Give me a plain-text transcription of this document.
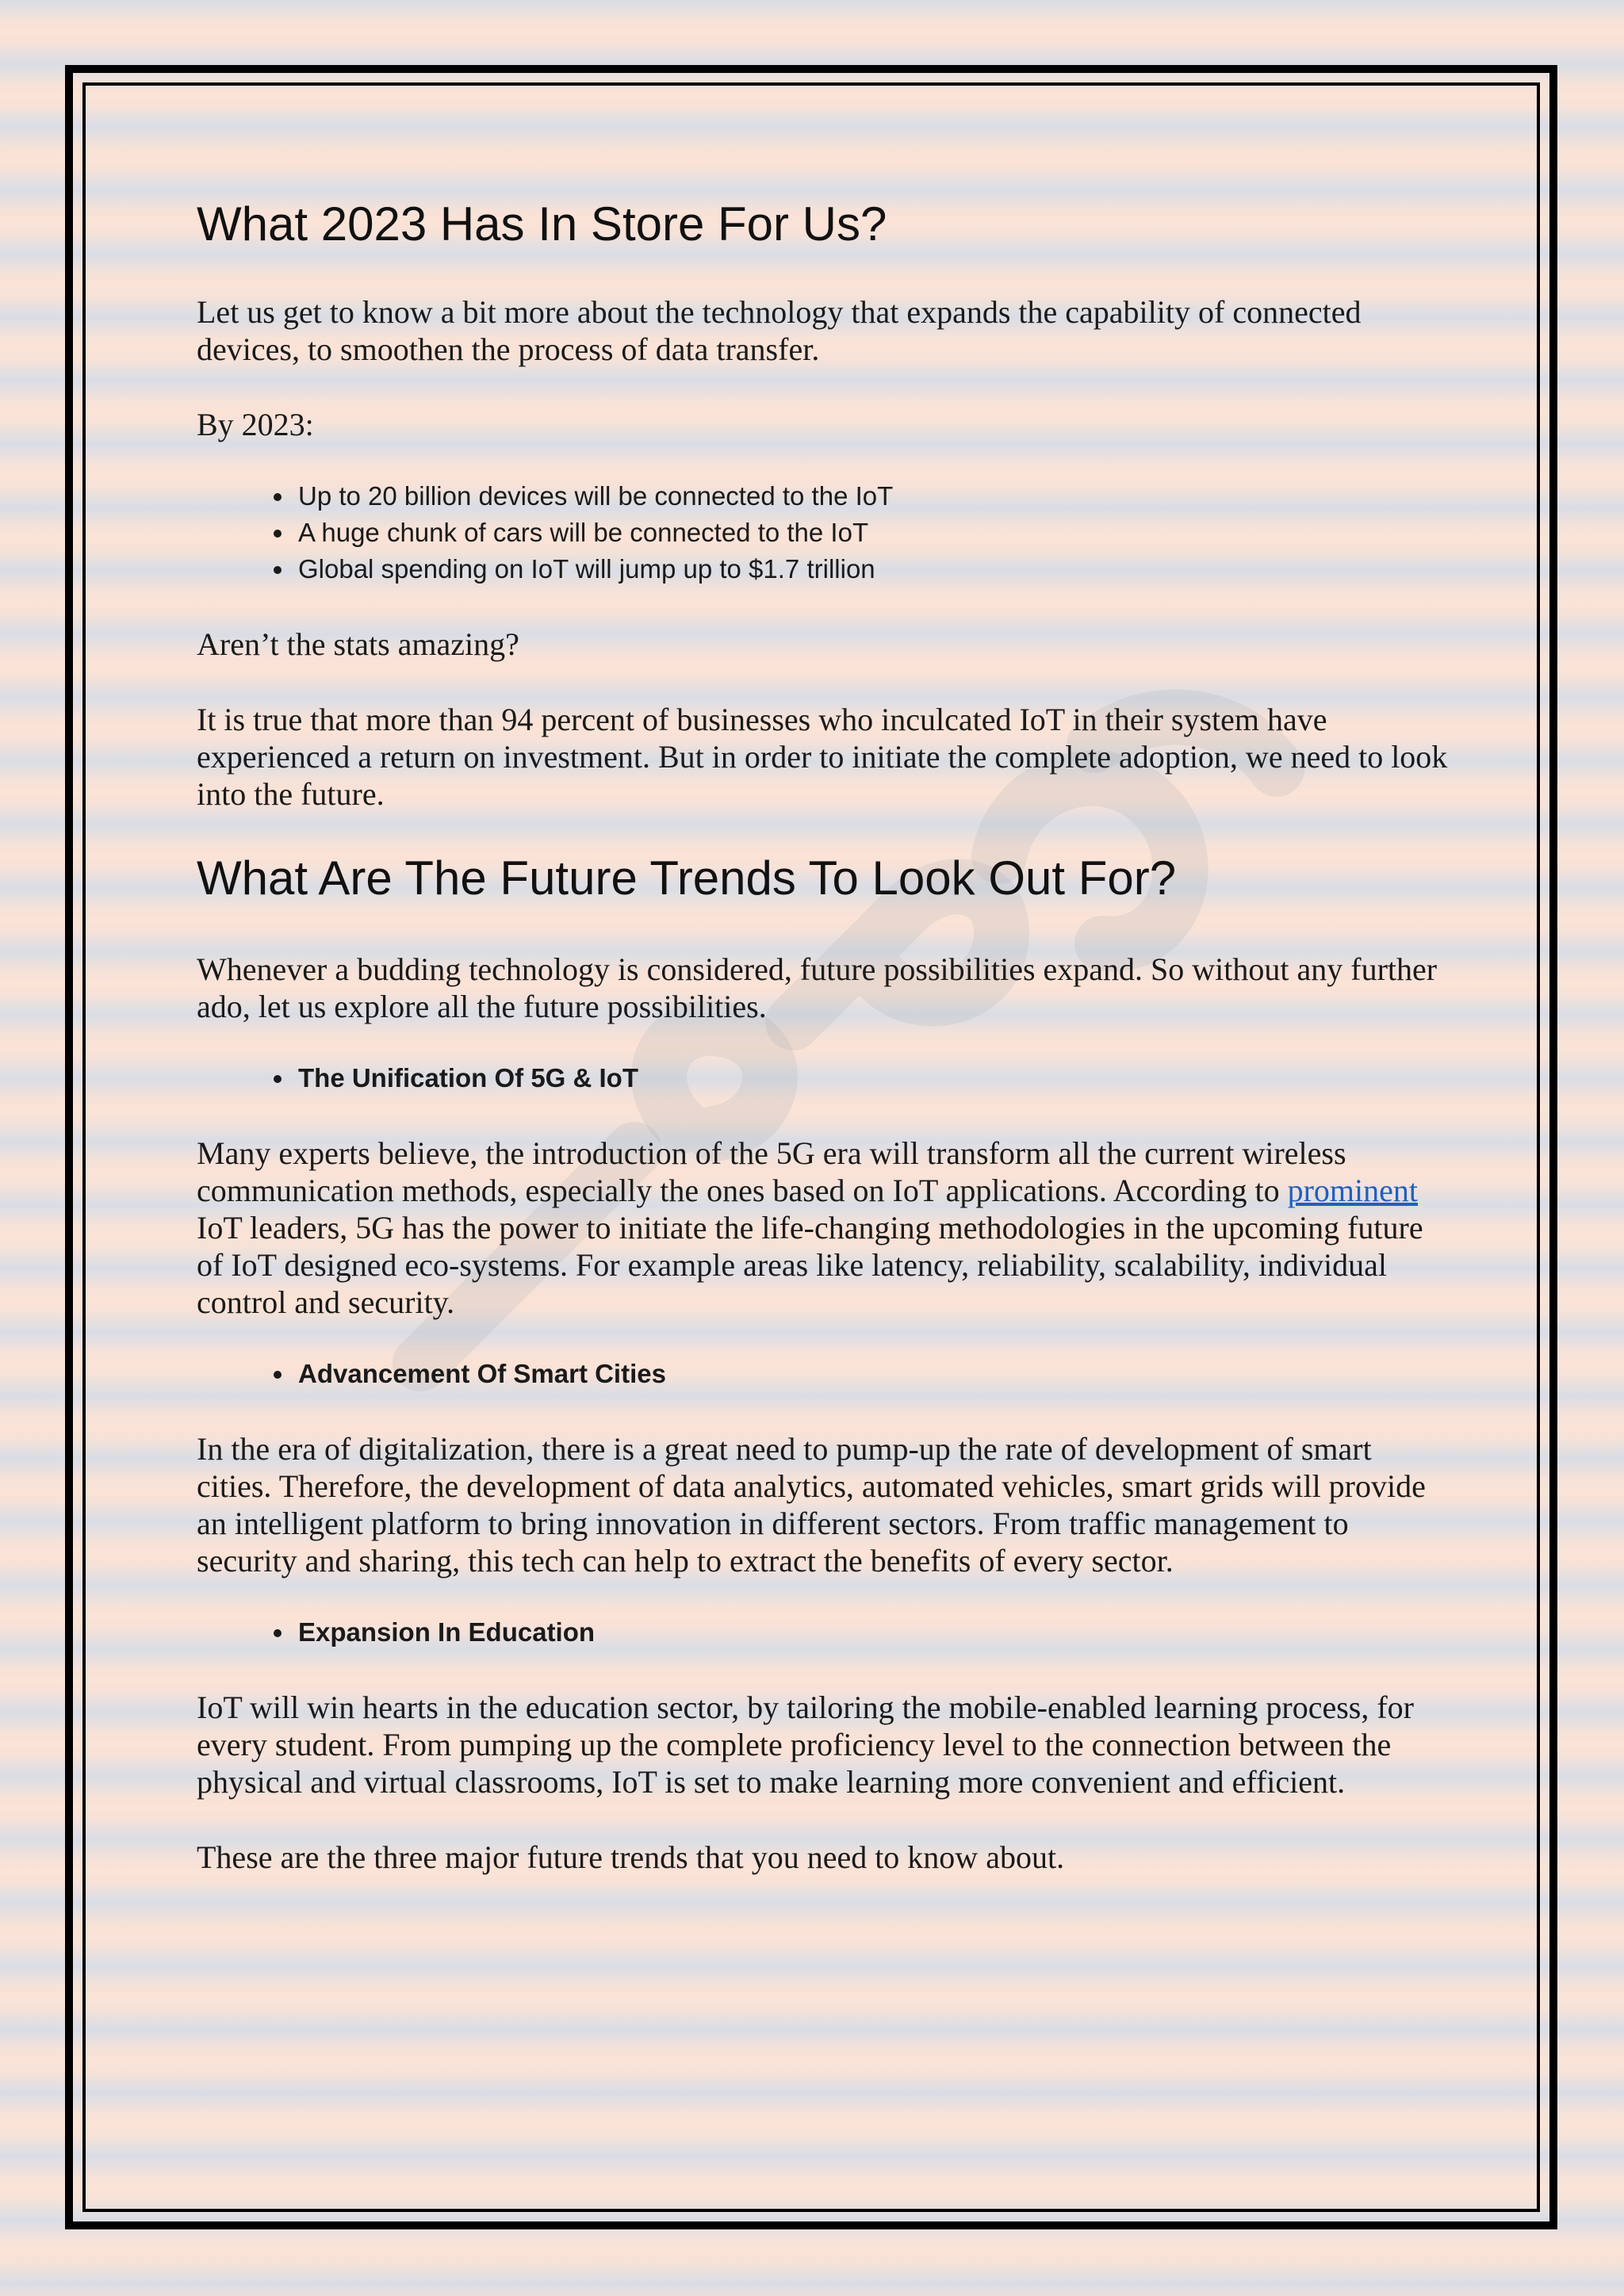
What 2023 Has In Store For Us?

Let us get to know a bit more about the technology that expands the capability of connected devices, to smoothen the process of data transfer.

By 2023:

• Up to 20 billion devices will be connected to the IoT
• A huge chunk of cars will be connected to the IoT
• Global spending on IoT will jump up to $1.7 trillion

Aren’t the stats amazing?

It is true that more than 94 percent of businesses who inculcated IoT in their system have experienced a return on investment. But in order to initiate the complete adoption, we need to look into the future.

What Are The Future Trends To Look Out For?

Whenever a budding technology is considered, future possibilities expand. So without any further ado, let us explore all the future possibilities.

• The Unification Of 5G & IoT

Many experts believe, the introduction of the 5G era will transform all the current wireless communication methods, especially the ones based on IoT applications. According to prominent IoT leaders, 5G has the power to initiate the life-changing methodologies in the upcoming future of IoT designed eco-systems. For example areas like latency, reliability, scalability, individual control and security.

• Advancement Of Smart Cities

In the era of digitalization, there is a great need to pump-up the rate of development of smart cities. Therefore, the development of data analytics, automated vehicles, smart grids will provide an intelligent platform to bring innovation in different sectors. From traffic management to security and sharing, this tech can help to extract the benefits of every sector.

• Expansion In Education

IoT will win hearts in the education sector, by tailoring the mobile-enabled learning process, for every student. From pumping up the complete proficiency level to the connection between the physical and virtual classrooms, IoT is set to make learning more convenient and efficient.

These are the three major future trends that you need to know about.
